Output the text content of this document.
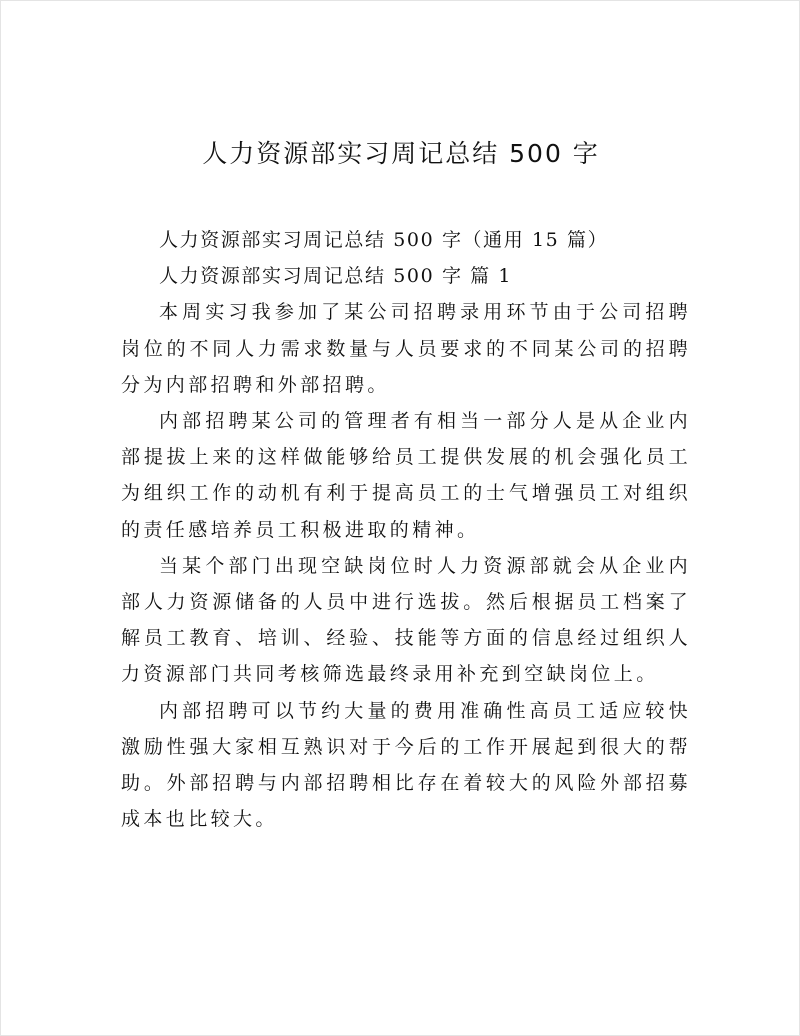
人力资源部实习周记总结 500 字

人力资源部实习周记总结 500 字（通用 15 篇）

人力资源部实习周记总结 500 字 篇 1

本周实习我参加了某公司招聘录用环节由于公司招聘岗位的不同人力需求数量与人员要求的不同某公司的招聘分为内部招聘和外部招聘。

内部招聘某公司的管理者有相当一部分人是从企业内部提拔上来的这样做能够给员工提供发展的机会强化员工为组织工作的动机有利于提高员工的士气增强员工对组织的责任感培养员工积极进取的精神。

当某个部门出现空缺岗位时人力资源部就会从企业内部人力资源储备的人员中进行选拔。然后根据员工档案了解员工教育、培训、经验、技能等方面的信息经过组织人力资源部门共同考核筛选最终录用补充到空缺岗位上。

内部招聘可以节约大量的费用准确性高员工适应较快激励性强大家相互熟识对于今后的工作开展起到很大的帮助。外部招聘与内部招聘相比存在着较大的风险外部招募成本也比较大。
